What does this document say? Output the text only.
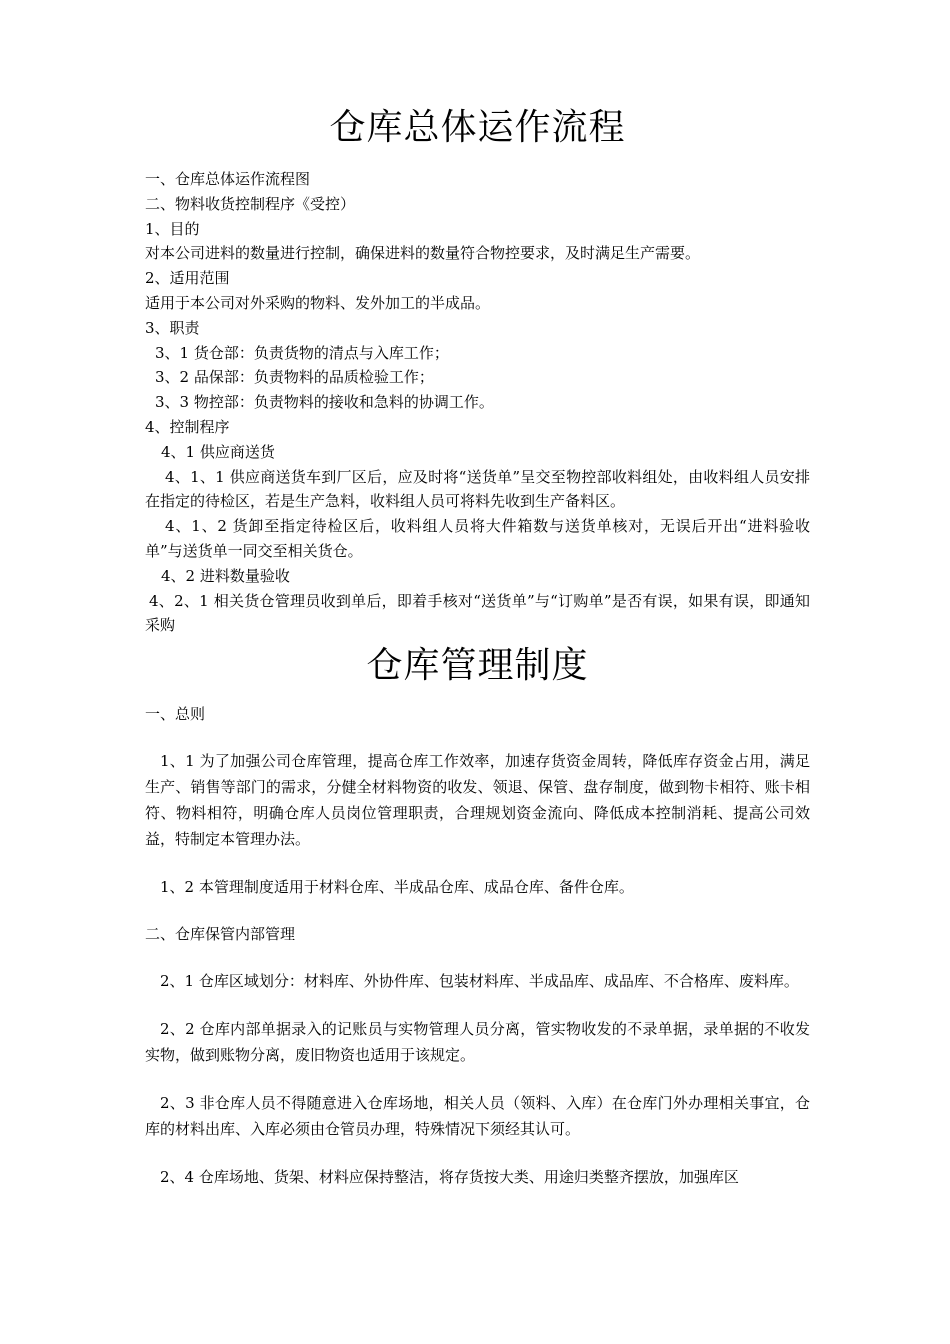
仓库总体运作流程
一、仓库总体运作流程图
二、物料收货控制程序《受控）
1、目的
对本公司进料的数量进行控制，确保进料的数量符合物控要求，及时满足生产需要。
2、适用范围
适用于本公司对外采购的物料、发外加工的半成品。
3、职责
3、1 货仓部：负责货物的清点与入库工作；
3、2 品保部：负责物料的品质检验工作；
3、3 物控部：负责物料的接收和急料的协调工作。
4、控制程序
4、1 供应商送货
4、1、1 供应商送货车到厂区后，应及时将“送货单”呈交至物控部收料组处，由收料组人员安排在指定的待检区，若是生产急料，收料组人员可将料先收到生产备料区。
4、1、2 货卸至指定待检区后，收料组人员将大件箱数与送货单核对，无误后开出“进料验收单”与送货单一同交至相关货仓。
4、2 进料数量验收
4、2、1 相关货仓管理员收到单后，即着手核对“送货单”与“订购单”是否有误，如果有误，即通知采购
仓库管理制度

一、总则

1、1 为了加强公司仓库管理，提高仓库工作效率，加速存货资金周转，降低库存资金占用，满足生产、销售等部门的需求，分健全材料物资的收发、领退、保管、盘存制度，做到物卡相符、账卡相符、物料相符，明确仓库人员岗位管理职责，合理规划资金流向、降低成本控制消耗、提高公司效益，特制定本管理办法。

1、2 本管理制度适用于材料仓库、半成品仓库、成品仓库、备件仓库。

二、仓库保管内部管理

2、1 仓库区域划分：材料库、外协件库、包装材料库、半成品库、成品库、不合格库、废料库。

2、2 仓库内部单据录入的记账员与实物管理人员分离，管实物收发的不录单据，录单据的不收发实物，做到账物分离，废旧物资也适用于该规定。

2、3 非仓库人员不得随意进入仓库场地，相关人员（领料、入库）在仓库门外办理相关事宜，仓库的材料出库、入库必须由仓管员办理，特殊情况下须经其认可。

2、4 仓库场地、货架、材料应保持整洁，将存货按大类、用途归类整齐摆放，加强库区
